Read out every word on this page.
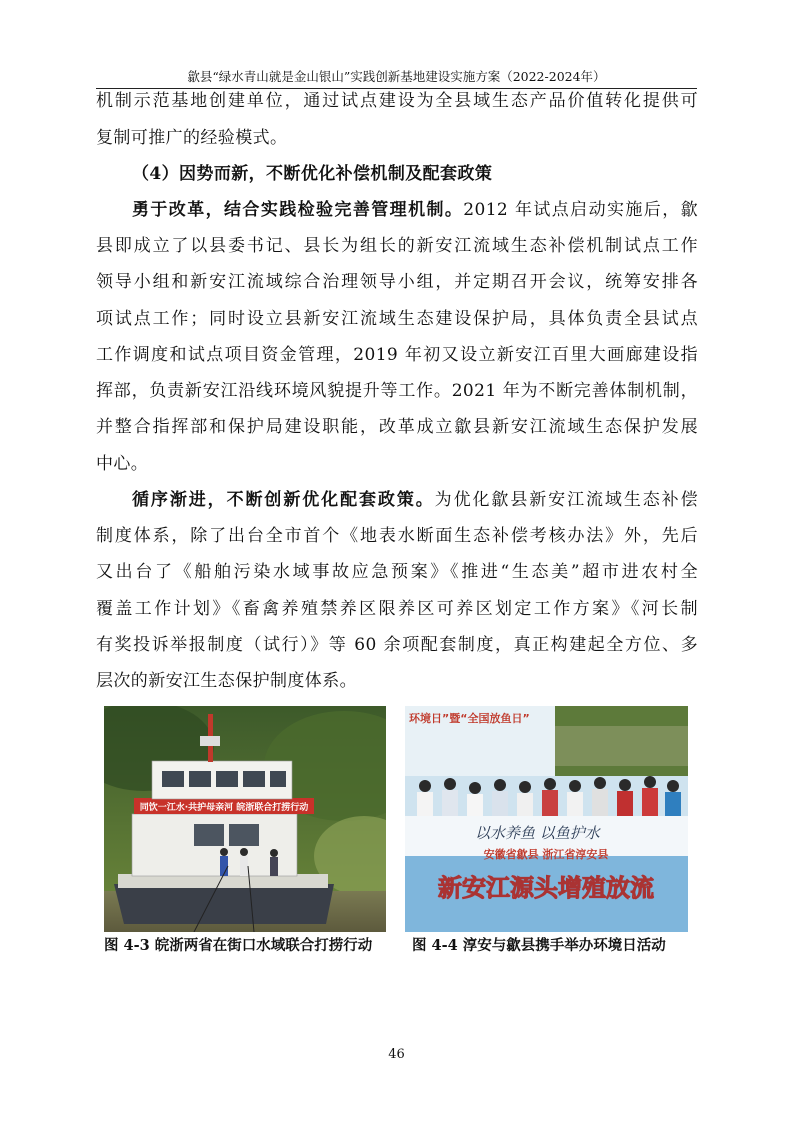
歙县“绿水青山就是金山银山”实践创新基地建设实施方案（2022-2024年）
机制示范基地创建单位，通过试点建设为全县域生态产品价值转化提供可
复制可推广的经验模式。
（4）因势而新，不断优化补偿机制及配套政策
勇于改革，结合实践检验完善管理机制。2012 年试点启动实施后，歙
县即成立了以县委书记、县长为组长的新安江流域生态补偿机制试点工作
领导小组和新安江流域综合治理领导小组，并定期召开会议，统筹安排各
项试点工作；同时设立县新安江流域生态建设保护局，具体负责全县试点
工作调度和试点项目资金管理，2019 年初又设立新安江百里大画廊建设指
挥部，负责新安江沿线环境风貌提升等工作。2021 年为不断完善体制机制，
并整合指挥部和保护局建设职能，改革成立歙县新安江流域生态保护发展
中心。
循序渐进，不断创新优化配套政策。为优化歙县新安江流域生态补偿
制度体系，除了出台全市首个《地表水断面生态补偿考核办法》外，先后
又出台了《船舶污染水域事故应急预案》《推进“生态美”超市进农村全
覆盖工作计划》《畜禽养殖禁养区限养区可养区划定工作方案》《河长制
有奖投诉举报制度（试行）》等 60 余项配套制度，真正构建起全方位、多
层次的新安江生态保护制度体系。
同饮一江水·共护母亲河 皖浙联合打捞行动
环境日”暨“全国放鱼日”
以水养鱼 以鱼护水
安徽省歙县 浙江省淳安县
新安江源头增殖放流
图 4-3 皖浙两省在街口水域联合打捞行动	图 4-4 淳安与歙县携手举办环境日活动
46
